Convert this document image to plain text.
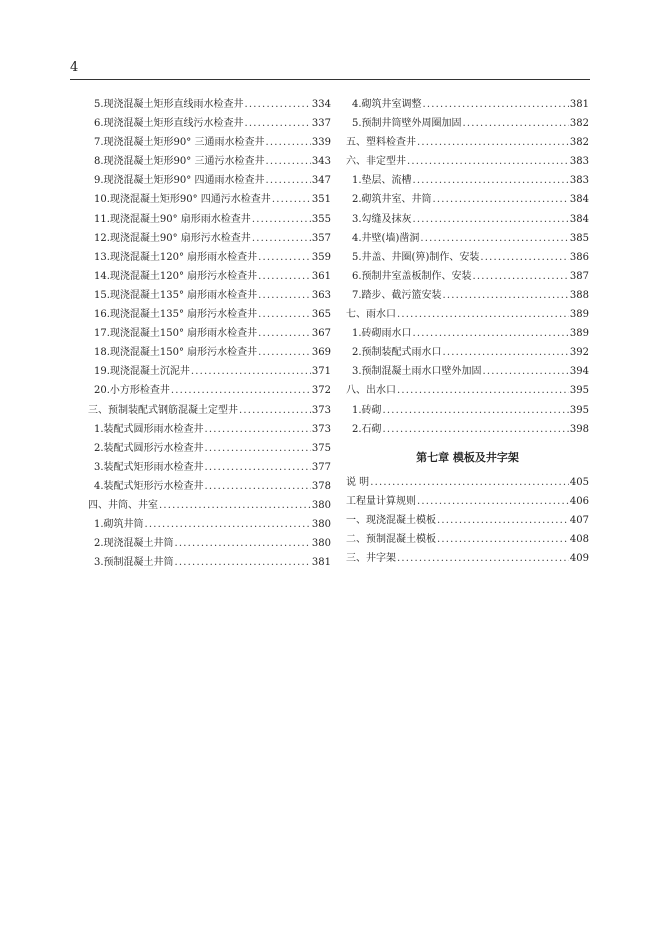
4
5.现浇混凝土矩形直线雨水检查井 .....	334
6.现浇混凝土矩形直线污水检查井 .....	337
7.现浇混凝土矩形90° 三通雨水检查井 .....	339
8.现浇混凝土矩形90° 三通污水检查井 .....	343
9.现浇混凝土矩形90° 四通雨水检查井 .....	347
10.现浇混凝土矩形90° 四通污水检查井 .....	351
11.现浇混凝土90° 扇形雨水检查井 .....	355
12.现浇混凝土90° 扇形污水检查井 .....	357
13.现浇混凝土120° 扇形雨水检查井 .....	359
14.现浇混凝土120° 扇形污水检查井 .....	361
15.现浇混凝土135° 扇形雨水检查井 .....	363
16.现浇混凝土135° 扇形污水检查井 .....	365
17.现浇混凝土150° 扇形雨水检查井 .....	367
18.现浇混凝土150° 扇形污水检查井 .....	369
19.现浇混凝土沉泥井 .....	371
20.小方形检查井 .....	372
三、预制装配式钢筋混凝土定型井 .....	373
1.装配式圆形雨水检查井 .....	373
2.装配式圆形污水检查井 .....	375
3.装配式矩形雨水检查井 .....	377
4.装配式矩形污水检查井 .....	378
四、井筒、井室 .....	380
1.砌筑井筒 .....	380
2.现浇混凝土井筒 .....	380
3.预制混凝土井筒 .....	381
4.砌筑井室调整 .....	381
5.预制井筒壁外周圈加固 .....	382
五、塑料检查井 .....	382
六、非定型井 .....	383
1.垫层、流槽 .....	383
2.砌筑井室、井筒 .....	384
3.勾缝及抹灰 .....	384
4.井壁(墙)凿洞 .....	385
5.井盖、井圈(箅)制作、安装 .....	386
6.预制井室盖板制作、安装 .....	387
7.踏步、截污篮安装 .....	388
七、雨水口 .....	389
1.砖砌雨水口 .....	389
2.预制装配式雨水口 .....	392
3.预制混凝土雨水口壁外加固 .....	394
八、出水口 .....	395
1.砖砌 .....	395
2.石砌 .....	398
第七章 模板及井字架
说 明 .....	405
工程量计算规则 .....	406
一、现浇混凝土模板 .....	407
二、预制混凝土模板 .....	408
三、井字架 .....	409
